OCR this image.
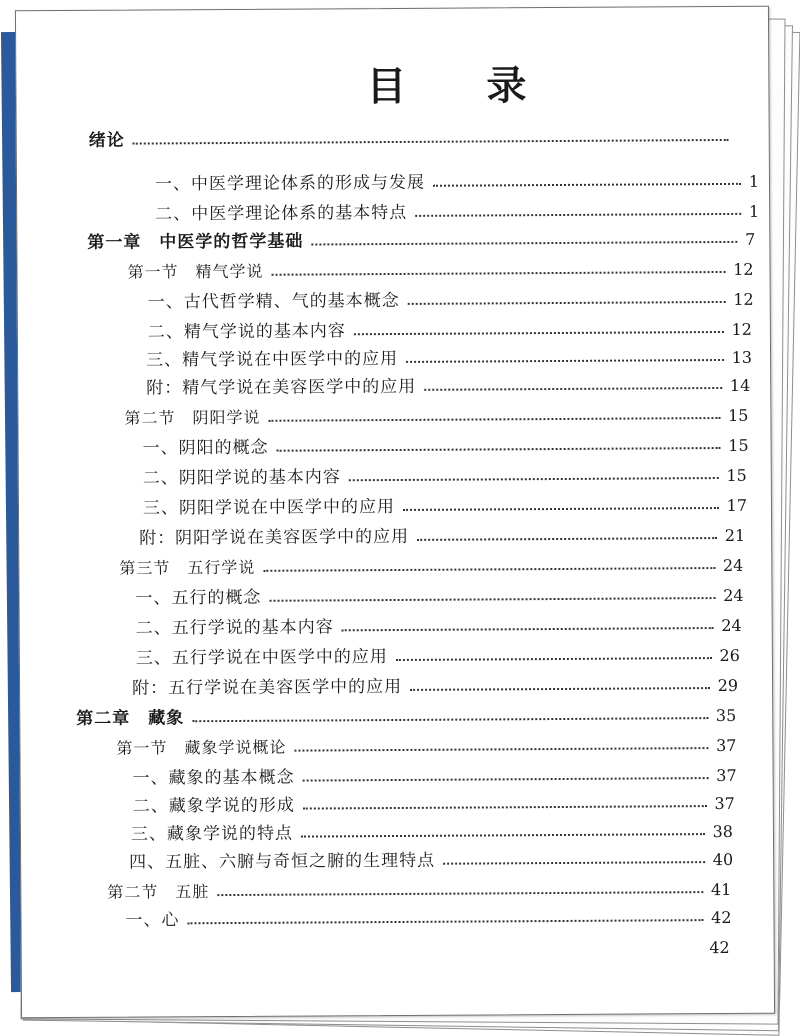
目 录
绪论
一、中医学理论体系的形成与发展	1
二、中医学理论体系的基本特点	1
第一章　中医学的哲学基础	7
第一节　精气学说	12
一、古代哲学精、气的基本概念	12
二、精气学说的基本内容	12
三、精气学说在中医学中的应用	13
附：精气学说在美容医学中的应用	14
第二节　阴阳学说	15
一、阴阳的概念	15
二、阴阳学说的基本内容	15
三、阴阳学说在中医学中的应用	17
附：阴阳学说在美容医学中的应用	21
第三节　五行学说	24
一、五行的概念	24
二、五行学说的基本内容	24
三、五行学说在中医学中的应用	26
附：五行学说在美容医学中的应用	29
第二章　藏象	35
第一节　藏象学说概论	37
一、藏象的基本概念	37
二、藏象学说的形成	37
三、藏象学说的特点	38
四、五脏、六腑与奇恒之腑的生理特点	40
第二节　五脏	41
一、心	42
42
